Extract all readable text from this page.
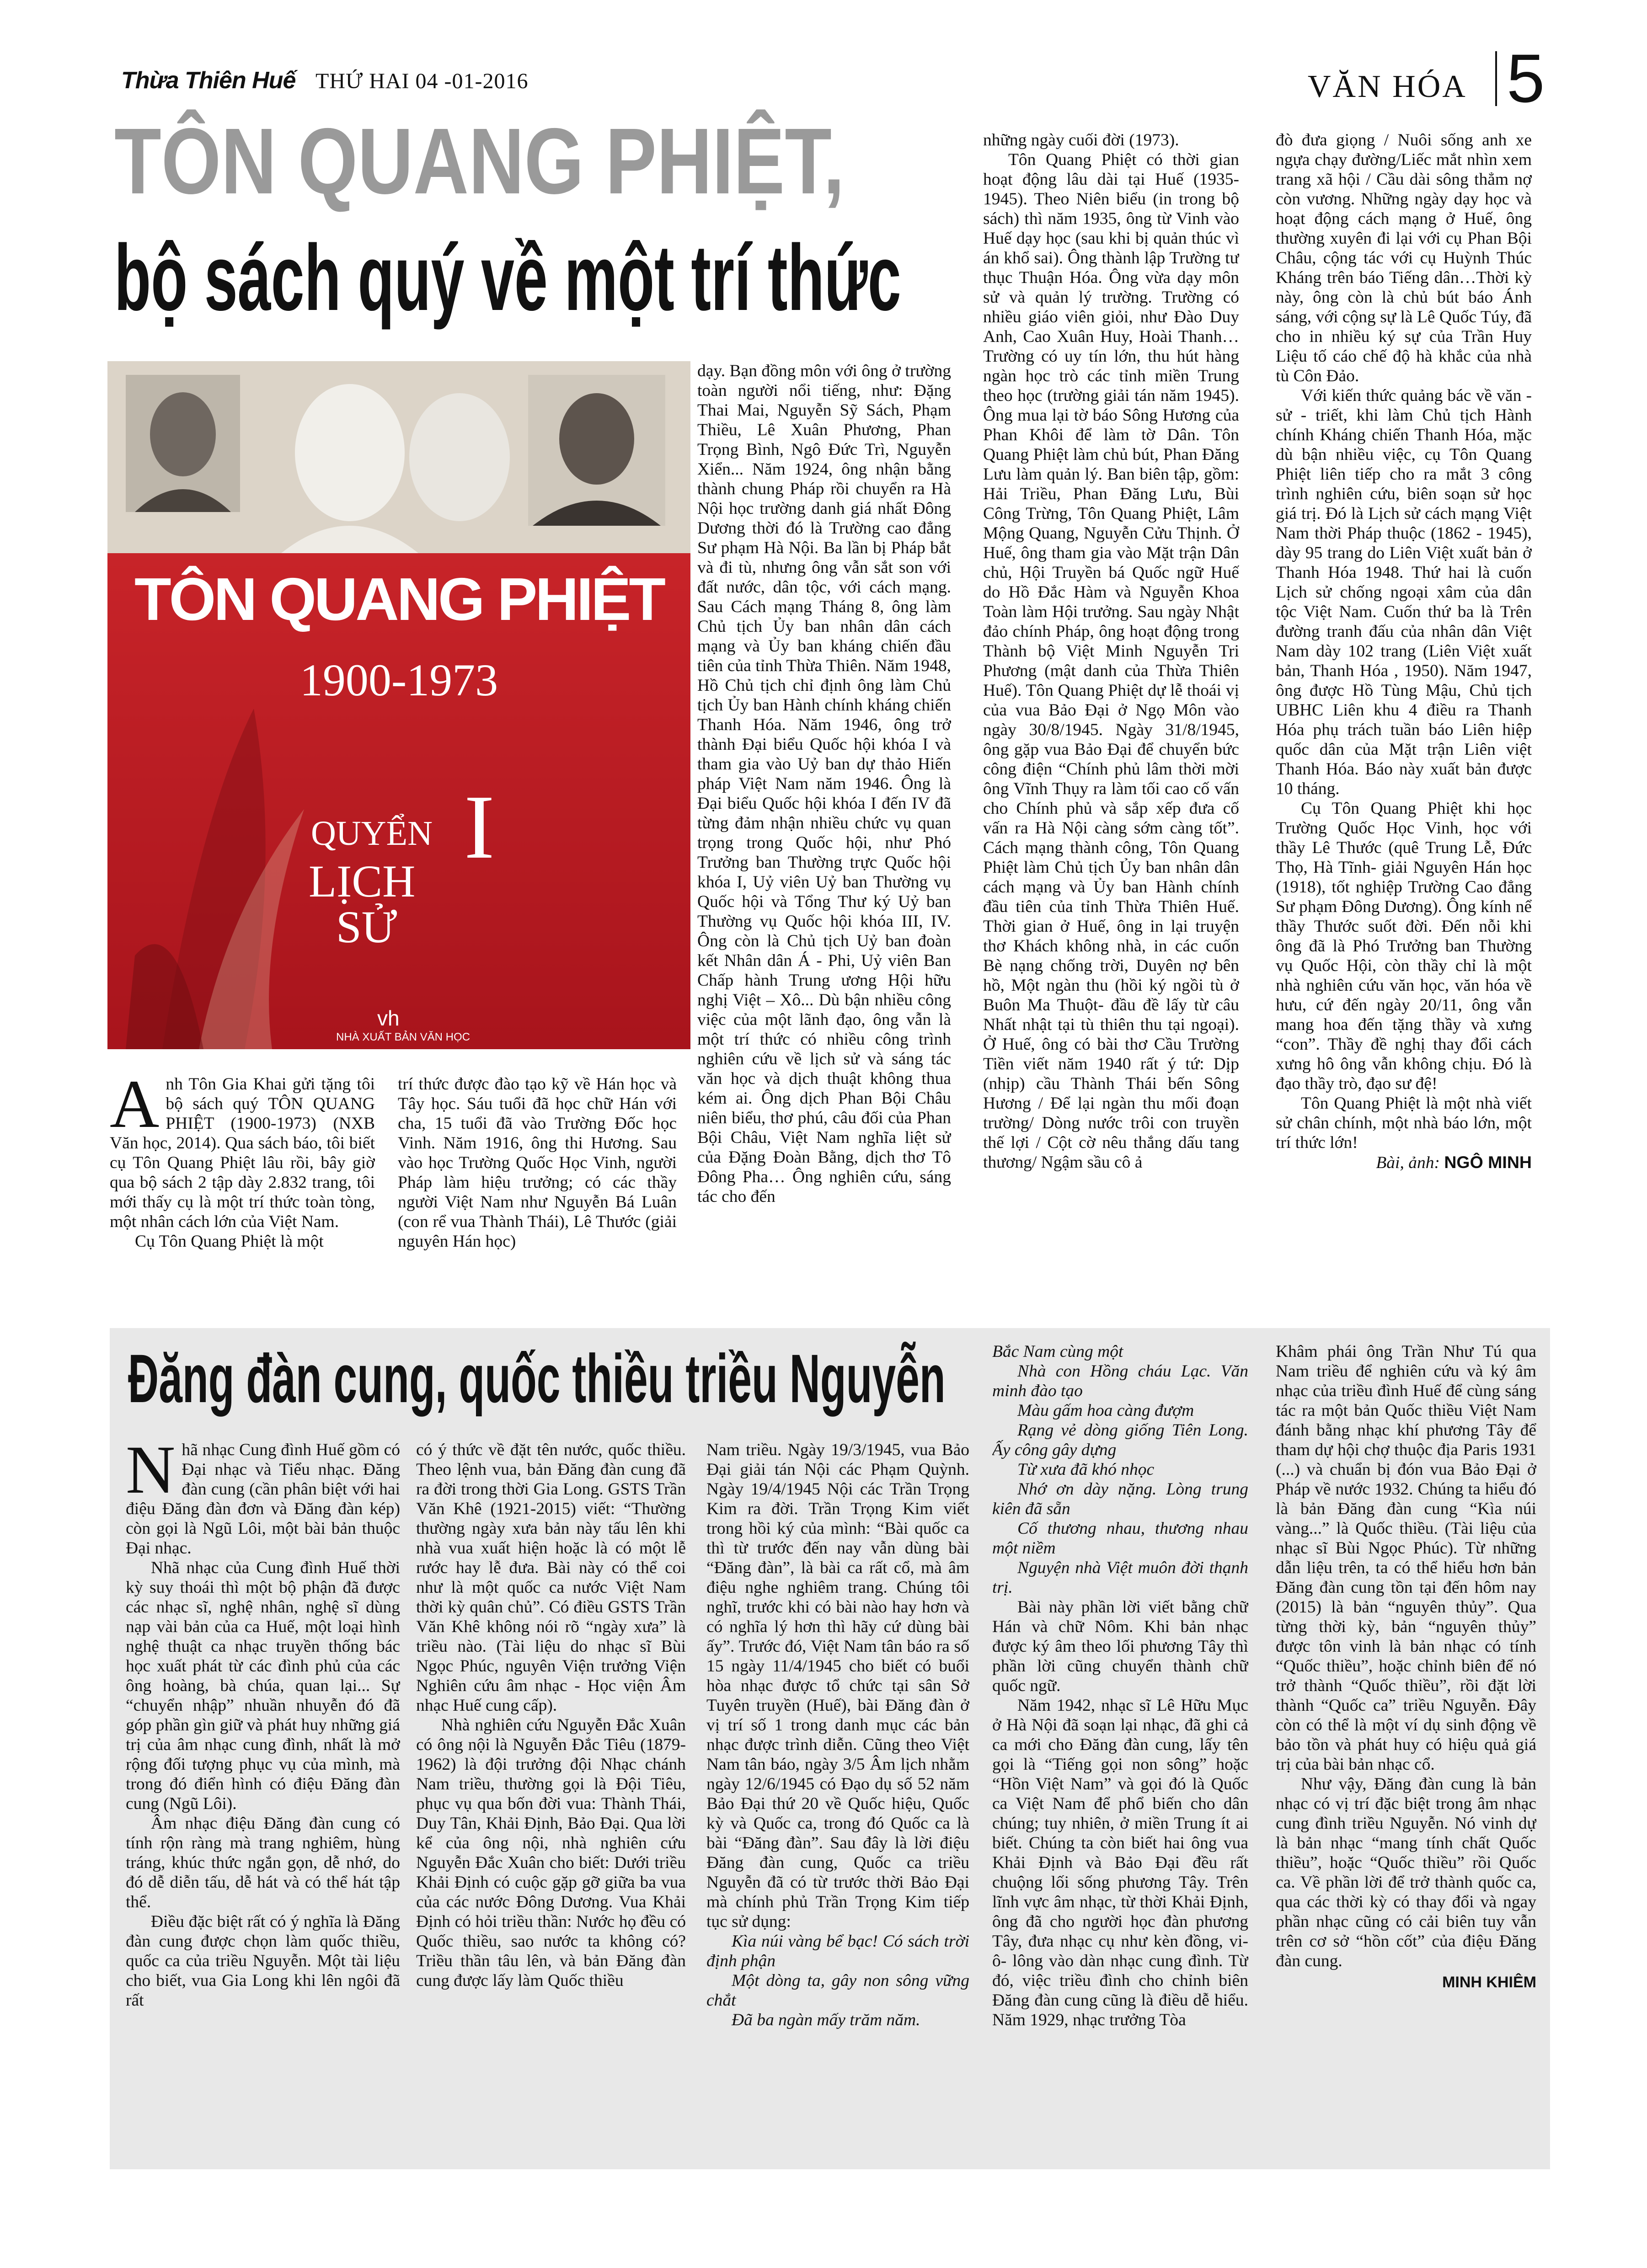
Thừa Thiên Huế THỨ HAI 04 -01-2016	VĂN HÓA 5
TÔN QUANG PHIỆT,
bộ sách quý về một trí thức
TÔN QUANG PHIỆT
1900-1973
QUYỂN I
LỊCH
SỬ
vh
NHÀ XUẤT BẢN VĂN HỌC
A nh Tôn Gia Khai gửi tặng tôi bộ sách quý TÔN QUANG PHIỆT (1900-1973) (NXB Văn học, 2014). Qua sách báo, tôi biết cụ Tôn Quang Phiệt lâu rồi, bây giờ qua bộ sách 2 tập dày 2.832 trang, tôi mới thấy cụ là một trí thức toàn tòng, một nhân cách lớn của Việt Nam.

Cụ Tôn Quang Phiệt là một

trí thức được đào tạo kỹ về Hán học và Tây học. Sáu tuổi đã học chữ Hán với cha, 15 tuổi đã vào Trường Đốc học Vinh. Năm 1916, ông thi Hương. Sau vào học Trường Quốc Học Vinh, người Pháp làm hiệu trưởng; có các thầy người Việt Nam như Nguyễn Bá Luân (con rể vua Thành Thái), Lê Thước (giải nguyên Hán học)

dạy. Bạn đồng môn với ông ở trường toàn người nổi tiếng, như: Đặng Thai Mai, Nguyễn Sỹ Sách, Phạm Thiều, Lê Xuân Phương, Phan Trọng Bình, Ngô Đức Trì, Nguyễn Xiển... Năm 1924, ông nhận bằng thành chung Pháp rồi chuyển ra Hà Nội học trường danh giá nhất Đông Dương thời đó là Trường cao đẳng Sư phạm Hà Nội. Ba lần bị Pháp bắt và đi tù, nhưng ông vẫn sắt son với đất nước, dân tộc, với cách mạng. Sau Cách mạng Tháng 8, ông làm Chủ tịch Ủy ban nhân dân cách mạng và Ủy ban kháng chiến đầu tiên của tỉnh Thừa Thiên. Năm 1948, Hồ Chủ tịch chỉ định ông làm Chủ tịch Ủy ban Hành chính kháng chiến Thanh Hóa. Năm 1946, ông trở thành Đại biểu Quốc hội khóa I và tham gia vào Uỷ ban dự thảo Hiến pháp Việt Nam năm 1946. Ông là Đại biểu Quốc hội khóa I đến IV đã từng đảm nhận nhiều chức vụ quan trọng trong Quốc hội, như Phó Trưởng ban Thường trực Quốc hội khóa I, Uỷ viên Uỷ ban Thường vụ Quốc hội và Tổng Thư ký Uỷ ban Thường vụ Quốc hội khóa III, IV. Ông còn là Chủ tịch Uỷ ban đoàn kết Nhân dân Á - Phi, Uỷ viên Ban Chấp hành Trung ương Hội hữu nghị Việt – Xô... Dù bận nhiều công việc của một lãnh đạo, ông vẫn là một trí thức có nhiều công trình nghiên cứu về lịch sử và sáng tác văn học và dịch thuật không thua kém ai. Ông dịch Phan Bội Châu niên biểu, thơ phú, câu đối của Phan Bội Châu, Việt Nam nghĩa liệt sử của Đặng Đoàn Bằng, dịch thơ Tô Đông Pha… Ông nghiên cứu, sáng tác cho đến

những ngày cuối đời (1973).

Tôn Quang Phiệt có thời gian hoạt động lâu dài tại Huế (1935-1945). Theo Niên biểu (in trong bộ sách) thì năm 1935, ông từ Vinh vào Huế dạy học (sau khi bị quản thúc vì án khổ sai). Ông thành lập Trường tư thục Thuận Hóa. Ông vừa dạy môn sử và quản lý trường. Trường có nhiều giáo viên giỏi, như Đào Duy Anh, Cao Xuân Huy, Hoài Thanh… Trường có uy tín lớn, thu hút hàng ngàn học trò các tỉnh miền Trung theo học (trường giải tán năm 1945). Ông mua lại tờ báo Sông Hương của Phan Khôi để làm tờ Dân. Tôn Quang Phiệt làm chủ bút, Phan Đăng Lưu làm quản lý. Ban biên tập, gồm: Hải Triều, Phan Đăng Lưu, Bùi Công Trừng, Tôn Quang Phiệt, Lâm Mộng Quang, Nguyễn Cửu Thịnh. Ở Huế, ông tham gia vào Mặt trận Dân chủ, Hội Truyền bá Quốc ngữ Huế do Hồ Đắc Hàm và Nguyễn Khoa Toàn làm Hội trưởng. Sau ngày Nhật đảo chính Pháp, ông hoạt động trong Thành bộ Việt Minh Nguyễn Tri Phương (mật danh của Thừa Thiên Huế). Tôn Quang Phiệt dự lễ thoái vị của vua Bảo Đại ở Ngọ Môn vào ngày 30/8/1945. Ngày 31/8/1945, ông gặp vua Bảo Đại để chuyển bức công điện “Chính phủ lâm thời mời ông Vĩnh Thụy ra làm tối cao cố vấn cho Chính phủ và sắp xếp đưa cố vấn ra Hà Nội càng sớm càng tốt”. Cách mạng thành công, Tôn Quang Phiệt làm Chủ tịch Ủy ban nhân dân cách mạng và Ủy ban Hành chính đầu tiên của tỉnh Thừa Thiên Huế. Thời gian ở Huế, ông in lại truyện thơ Khách không nhà, in các cuốn Bè nạng chống trời, Duyên nợ bên hồ, Một ngàn thu (hồi ký ngồi tù ở Buôn Ma Thuột- đầu đề lấy từ câu Nhất nhật tại tù thiên thu tại ngoại). Ở Huế, ông có bài thơ Cầu Trường Tiền viết năm 1940 rất ý tứ: Dịp (nhịp) cầu Thành Thái bến Sông Hương / Để lại ngàn thu mối đoạn trường/ Dòng nước trôi con truyền thế lợi / Cột cờ nêu thắng dấu tang thương/ Ngậm sầu cô ả

đò đưa giọng / Nuôi sống anh xe ngựa chạy đường/Liếc mắt nhìn xem trang xã hội / Cầu dài sông thẳm nợ còn vương. Những ngày dạy học và hoạt động cách mạng ở Huế, ông thường xuyên đi lại với cụ Phan Bội Châu, cộng tác với cụ Huỳnh Thúc Kháng trên báo Tiếng dân…Thời kỳ này, ông còn là chủ bút báo Ánh sáng, với cộng sự là Lê Quốc Túy, đã cho in nhiều ký sự của Trần Huy Liệu tố cáo chế độ hà khắc của nhà tù Côn Đảo.

Với kiến thức quảng bác về văn - sử - triết, khi làm Chủ tịch Hành chính Kháng chiến Thanh Hóa, mặc dù bận nhiều việc, cụ Tôn Quang Phiệt liên tiếp cho ra mắt 3 công trình nghiên cứu, biên soạn sử học giá trị. Đó là Lịch sử cách mạng Việt Nam thời Pháp thuộc (1862 - 1945), dày 95 trang do Liên Việt xuất bản ở Thanh Hóa 1948. Thứ hai là cuốn Lịch sử chống ngoại xâm của dân tộc Việt Nam. Cuốn thứ ba là Trên đường tranh đấu của nhân dân Việt Nam dày 102 trang (Liên Việt xuất bản, Thanh Hóa , 1950). Năm 1947, ông được Hồ Tùng Mậu, Chủ tịch UBHC Liên khu 4 điều ra Thanh Hóa phụ trách tuần báo Liên hiệp quốc dân của Mặt trận Liên việt Thanh Hóa. Báo này xuất bản được 10 tháng.

Cụ Tôn Quang Phiệt khi học Trường Quốc Học Vinh, học với thầy Lê Thước (quê Trung Lễ, Đức Thọ, Hà Tĩnh- giải Nguyên Hán học (1918), tốt nghiệp Trường Cao đẳng Sư phạm Đông Dương). Ông kính nể thầy Thước suốt đời. Đến nỗi khi ông đã là Phó Trưởng ban Thường vụ Quốc Hội, còn thầy chỉ là một nhà nghiên cứu văn học, văn hóa về hưu, cứ đến ngày 20/11, ông vẫn mang hoa đến tặng thầy và xưng “con”. Thầy đề nghị thay đổi cách xưng hô ông vẫn không chịu. Đó là đạo thầy trò, đạo sư đệ!

Tôn Quang Phiệt là một nhà viết sử chân chính, một nhà báo lớn, một trí thức lớn!

Bài, ảnh: NGÔ MINH
Đăng đàn cung, quốc thiều triều Nguyễn
N hã nhạc Cung đình Huế gồm có Đại nhạc và Tiểu nhạc. Đăng đàn cung (cần phân biệt với hai điệu Đăng đàn đơn và Đăng đàn kép) còn gọi là Ngũ Lôi, một bài bản thuộc Đại nhạc.

Nhã nhạc của Cung đình Huế thời kỳ suy thoái thì một bộ phận đã được các nhạc sĩ, nghệ nhân, nghệ sĩ dùng nạp vài bản của ca Huế, một loại hình nghệ thuật ca nhạc truyền thống bác học xuất phát từ các đình phủ của các ông hoàng, bà chúa, quan lại... Sự “chuyển nhập” nhuần nhuyễn đó đã góp phần gìn giữ và phát huy những giá trị của âm nhạc cung đình, nhất là mở rộng đối tượng phục vụ của mình, mà trong đó điển hình có điệu Đăng đàn cung (Ngũ Lôi).

Âm nhạc điệu Đăng đàn cung có tính rộn ràng mà trang nghiêm, hùng tráng, khúc thức ngắn gọn, dễ nhớ, do đó dễ diễn tấu, dễ hát và có thể hát tập thể.

Điều đặc biệt rất có ý nghĩa là Đăng đàn cung được chọn làm quốc thiều, quốc ca của triều Nguyễn. Một tài liệu cho biết, vua Gia Long khi lên ngôi đã rất

có ý thức về đặt tên nước, quốc thiều. Theo lệnh vua, bản Đăng đàn cung đã ra đời trong thời Gia Long. GSTS Trần Văn Khê (1921-2015) viết: “Thường thường ngày xưa bản này tấu lên khi nhà vua xuất hiện hoặc là có một lễ rước hay lễ đưa. Bài này có thể coi như là một quốc ca nước Việt Nam thời kỳ quân chủ”. Có điều GSTS Trần Văn Khê không nói rõ “ngày xưa” là triều nào. (Tài liệu do nhạc sĩ Bùi Ngọc Phúc, nguyên Viện trưởng Viện Nghiên cứu âm nhạc - Học viện Âm nhạc Huế cung cấp).

Nhà nghiên cứu Nguyễn Đắc Xuân có ông nội là Nguyễn Đắc Tiêu (1879-1962) là đội trưởng đội Nhạc chánh Nam triều, thường gọi là Đội Tiêu, phục vụ qua bốn đời vua: Thành Thái, Duy Tân, Khải Định, Bảo Đại. Qua lời kể của ông nội, nhà nghiên cứu Nguyễn Đắc Xuân cho biết: Dưới triều Khải Định có cuộc gặp gỡ giữa ba vua của các nước Đông Dương. Vua Khải Định có hỏi triều thần: Nước họ đều có Quốc thiều, sao nước ta không có? Triều thần tâu lên, và bản Đăng đàn cung được lấy làm Quốc thiều

Nam triều. Ngày 19/3/1945, vua Bảo Đại giải tán Nội các Phạm Quỳnh. Ngày 19/4/1945 Nội các Trần Trọng Kim ra đời. Trần Trọng Kim viết trong hồi ký của mình: “Bài quốc ca thì từ trước đến nay vẫn dùng bài “Đăng đàn”, là bài ca rất cổ, mà âm điệu nghe nghiêm trang. Chúng tôi nghĩ, trước khi có bài nào hay hơn và có nghĩa lý hơn thì hãy cứ dùng bài ấy”. Trước đó, Việt Nam tân báo ra số 15 ngày 11/4/1945 cho biết có buổi hòa nhạc được tổ chức tại sân Sở Tuyên truyền (Huế), bài Đăng đàn ở vị trí số 1 trong danh mục các bản nhạc được trình diễn. Cũng theo Việt Nam tân báo, ngày 3/5 Âm lịch nhằm ngày 12/6/1945 có Đạo dụ số 52 năm Bảo Đại thứ 20 về Quốc hiệu, Quốc kỳ và Quốc ca, trong đó Quốc ca là bài “Đăng đàn”. Sau đây là lời điệu Đăng đàn cung, Quốc ca triều Nguyễn đã có từ trước thời Bảo Đại mà chính phủ Trần Trọng Kim tiếp tục sử dụng:

Kìa núi vàng bể bạc! Có sách trời định phận

Một dòng ta, gây non sông vững chắt

Đã ba ngàn mấy trăm năm.

Bắc Nam cùng một

Nhà con Hồng cháu Lạc. Văn minh đào tạo

Màu gấm hoa càng đượm

Rạng vẻ dòng giống Tiên Long. Ấy công gây dựng

Từ xưa đã khó nhọc

Nhớ ơn dày nặng. Lòng trung kiên đã sẵn

Cố thương nhau, thương nhau một niềm

Nguyện nhà Việt muôn đời thạnh trị.

Bài này phần lời viết bằng chữ Hán và chữ Nôm. Khi bản nhạc được ký âm theo lối phương Tây thì phần lời cũng chuyển thành chữ quốc ngữ.

Năm 1942, nhạc sĩ Lê Hữu Mục ở Hà Nội đã soạn lại nhạc, đã ghi cả ca mới cho Đăng đàn cung, lấy tên gọi là “Tiếng gọi non sông” hoặc “Hồn Việt Nam” và gọi đó là Quốc ca Việt Nam để phổ biến cho dân chúng; tuy nhiên, ở miền Trung ít ai biết. Chúng ta còn biết hai ông vua Khải Định và Bảo Đại đều rất chuộng lối sống phương Tây. Trên lĩnh vực âm nhạc, từ thời Khải Định, ông đã cho người học đàn phương Tây, đưa nhạc cụ như kèn đồng, vi-ô- lông vào dàn nhạc cung đình. Từ đó, việc triều đình cho chỉnh biên Đăng đàn cung cũng là điều dễ hiểu. Năm 1929, nhạc trưởng Tòa

Khâm phái ông Trần Như Tú qua Nam triều để nghiên cứu và ký âm nhạc của triều đình Huế để cùng sáng tác ra một bản Quốc thiều Việt Nam đánh bằng nhạc khí phương Tây để tham dự hội chợ thuộc địa Paris 1931 (...) và chuẩn bị đón vua Bảo Đại ở Pháp về nước 1932. Chúng ta hiểu đó là bản Đăng đàn cung “Kìa núi vàng...” là Quốc thiều. (Tài liệu của nhạc sĩ Bùi Ngọc Phúc). Từ những dẫn liệu trên, ta có thể hiểu hơn bản Đăng đàn cung tồn tại đến hôm nay (2015) là bản “nguyên thủy”. Qua từng thời kỳ, bản “nguyên thủy” được tôn vinh là bản nhạc có tính “Quốc thiều”, hoặc chỉnh biên để nó trở thành “Quốc thiều”, rồi đặt lời thành “Quốc ca” triều Nguyễn. Đây còn có thể là một ví dụ sinh động về bảo tồn và phát huy có hiệu quả giá trị của bài bản nhạc cổ.

Như vậy, Đăng đàn cung là bản nhạc có vị trí đặc biệt trong âm nhạc cung đình triều Nguyễn. Nó vinh dự là bản nhạc “mang tính chất Quốc thiều”, hoặc “Quốc thiều” rồi Quốc ca. Về phần lời để trở thành quốc ca, qua các thời kỳ có thay đổi và ngay phần nhạc cũng có cải biên tuy vẫn trên cơ sở “hồn cốt” của điệu Đăng đàn cung.

MINH KHIÊM
